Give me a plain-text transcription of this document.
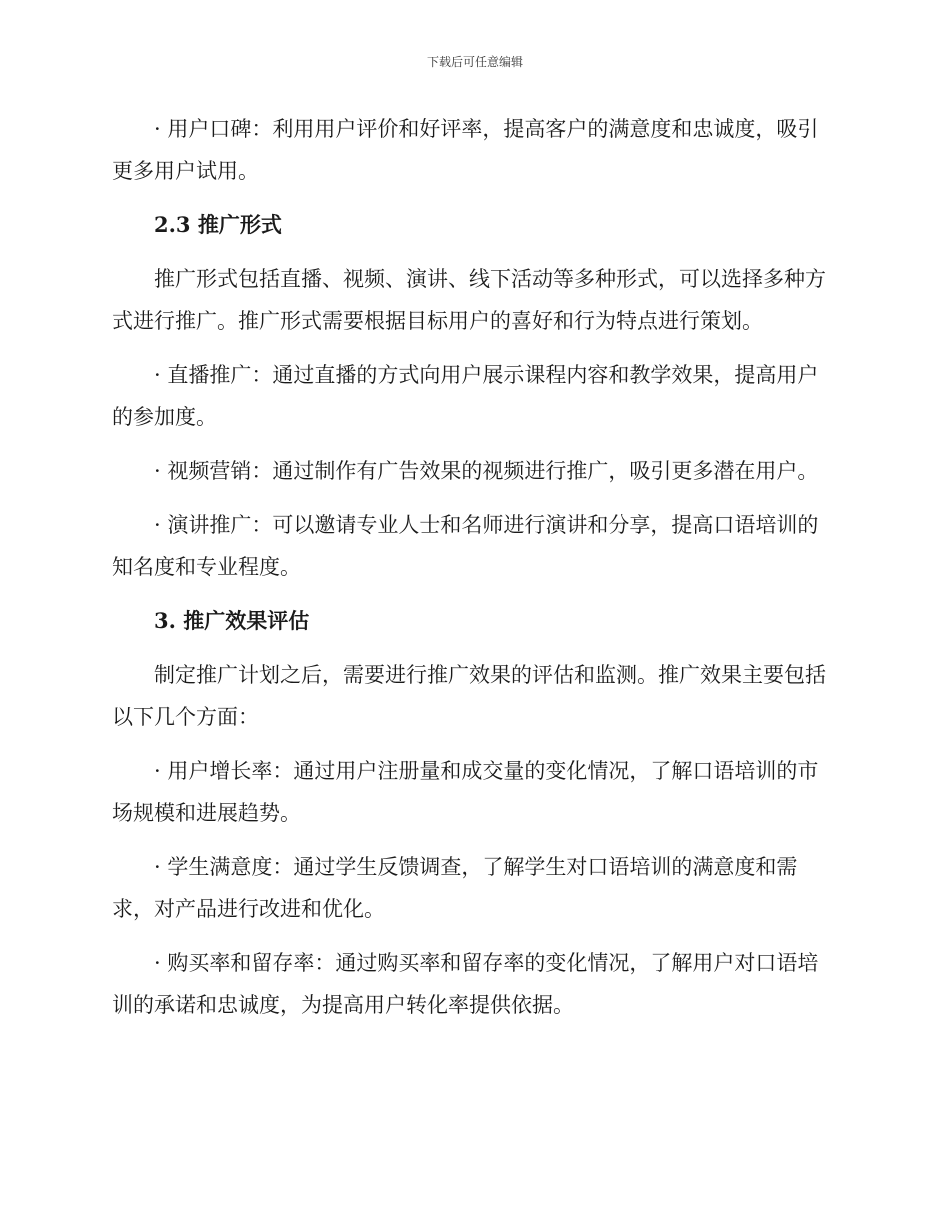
下载后可任意编辑

· 用户口碑：利用用户评价和好评率，提高客户的满意度和忠诚度，吸引更多用户试用。

2.3 推广形式

推广形式包括直播、视频、演讲、线下活动等多种形式，可以选择多种方式进行推广。推广形式需要根据目标用户的喜好和行为特点进行策划。

· 直播推广：通过直播的方式向用户展示课程内容和教学效果，提高用户的参加度。

· 视频营销：通过制作有广告效果的视频进行推广，吸引更多潜在用户。

· 演讲推广：可以邀请专业人士和名师进行演讲和分享，提高口语培训的知名度和专业程度。

3. 推广效果评估

制定推广计划之后，需要进行推广效果的评估和监测。推广效果主要包括以下几个方面：

· 用户增长率：通过用户注册量和成交量的变化情况，了解口语培训的市场规模和进展趋势。

· 学生满意度：通过学生反馈调查，了解学生对口语培训的满意度和需求，对产品进行改进和优化。

· 购买率和留存率：通过购买率和留存率的变化情况，了解用户对口语培训的承诺和忠诚度，为提高用户转化率提供依据。
